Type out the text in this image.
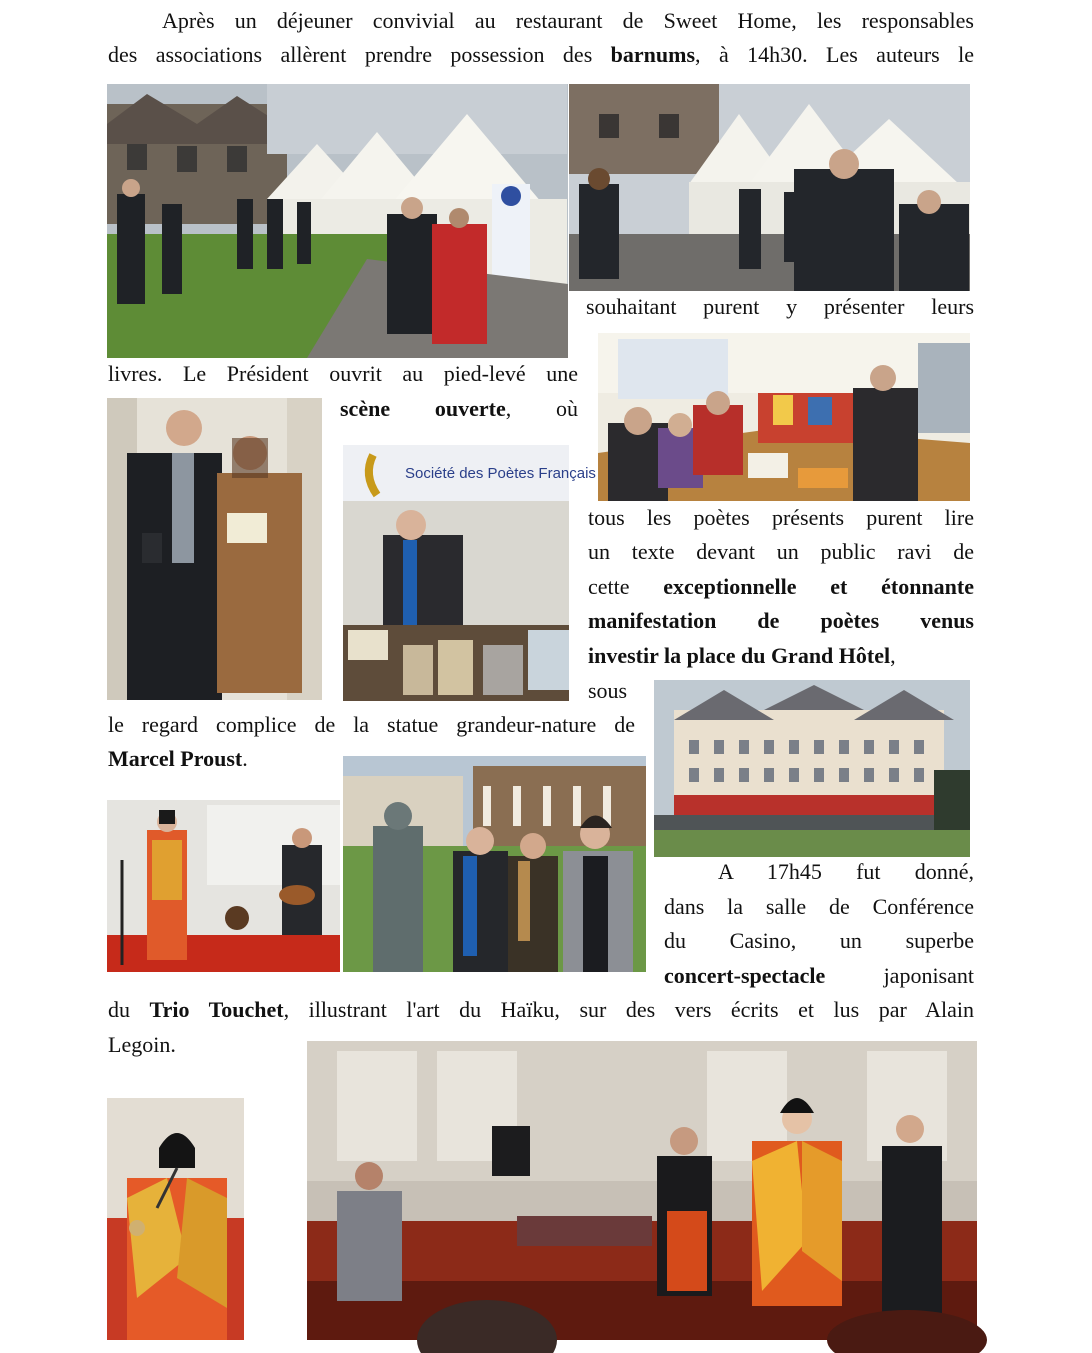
Après un déjeuner convivial au restaurant de Sweet Home, les responsables
des associations allèrent prendre possession des barnums, à 14h30. Les auteurs le
souhaitant purent y présenter leurs
livres. Le Président ouvrit au pied-levé une
scène ouverte, où
tous les poètes présents purent lire
un texte devant un public ravi de
cette exceptionnelle et étonnante
manifestation de poètes venus
investir la place du Grand Hôtel,
sous
le regard complice de la statue grandeur-nature de
Marcel Proust.
A 17h45 fut donné,
dans la salle de Conférence
du Casino, un superbe
concert-spectacle japonisant
du Trio Touchet, illustrant l'art du Haïku, sur des vers écrits et lus par Alain
Legoin.
Société des Poètes Français
